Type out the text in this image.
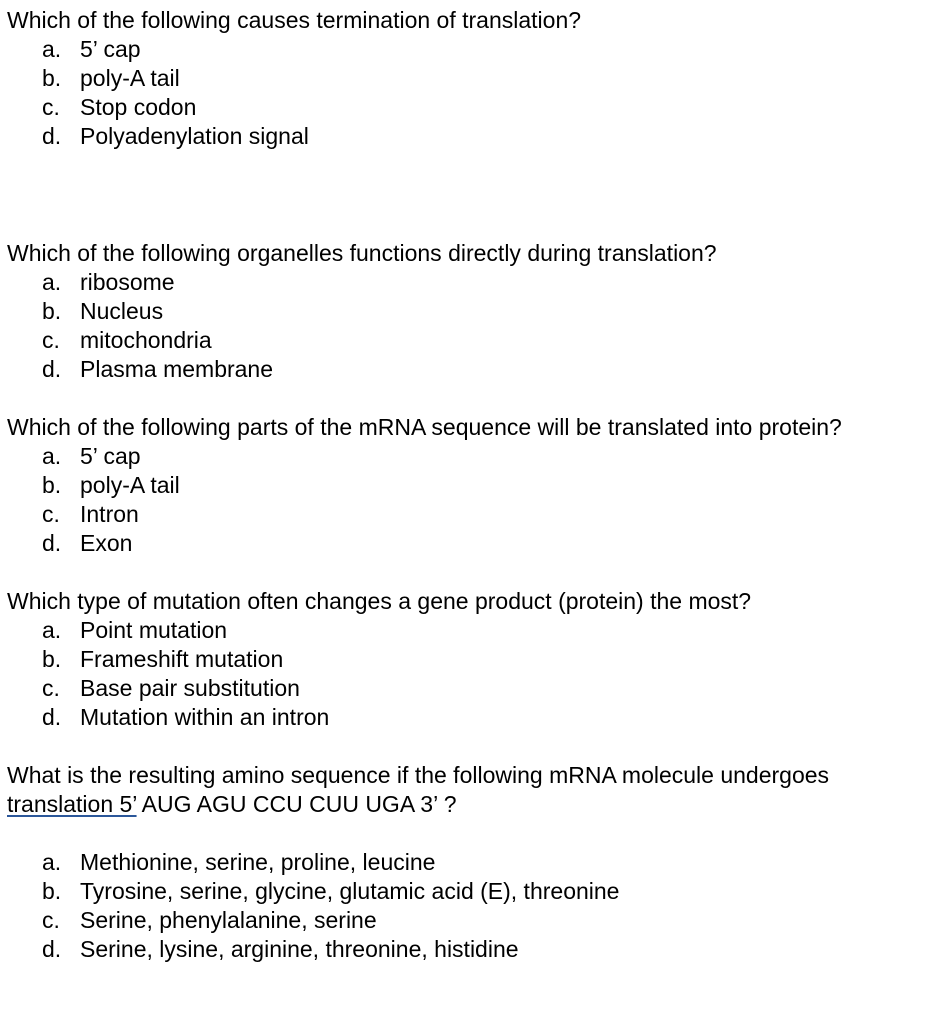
Which of the following causes termination of translation?

a. 5’ cap
b. poly-A tail
c. Stop codon
d. Polyadenylation signal

Which of the following organelles functions directly during translation?

a. ribosome
b. Nucleus
c. mitochondria
d. Plasma membrane

Which of the following parts of the mRNA sequence will be translated into protein?

a. 5’ cap
b. poly-A tail
c. Intron
d. Exon

Which type of mutation often changes a gene product (protein) the most?

a. Point mutation
b. Frameshift mutation
c. Base pair substitution
d. Mutation within an intron

What is the resulting amino sequence if the following mRNA molecule undergoes
translation 5’ AUG AGU CCU CUU UGA 3’ ?

a. Methionine, serine, proline, leucine
b. Tyrosine, serine, glycine, glutamic acid (E), threonine
c. Serine, phenylalanine, serine
d. Serine, lysine, arginine, threonine, histidine
